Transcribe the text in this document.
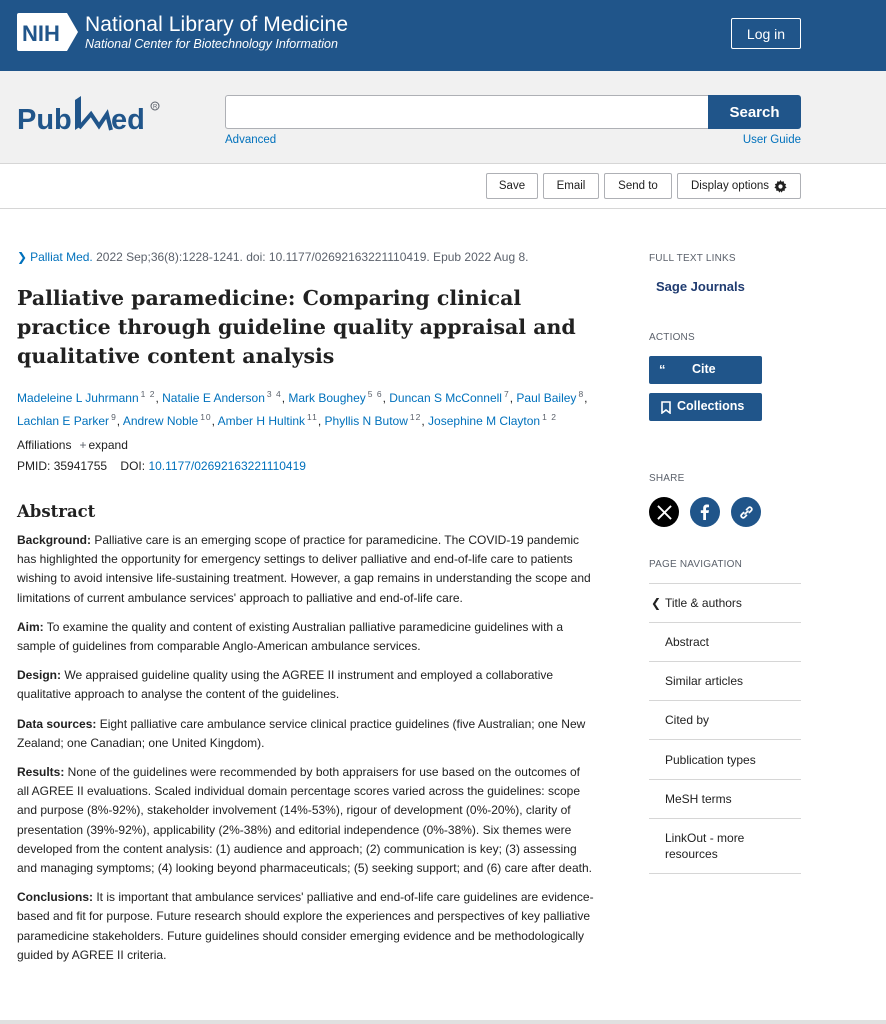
NIH National Library of Medicine
National Center for Biotechnology Information
Log in
Pub ed R	Search
Advanced	User Guide
Save	Email	Send to	Display options
❯ Palliat Med. 2022 Sep;36(8):1228-1241. doi: 10.1177/02692163221110419. Epub 2022 Aug 8.
Palliative paramedicine: Comparing clinical practice through guideline quality appraisal and qualitative content analysis
Madeleine L Juhrmann $^{1 2}$, Natalie E Anderson $^{3 4}$, Mark Boughey $^{5 6}$, Duncan S McConnell $^7$, Paul Bailey $^8$, Lachlan E Parker $^9$, Andrew Noble $^{10}$, Amber H Hultink $^{11}$, Phyllis N Butow $^{12}$, Josephine M Clayton $^{1 2}$
Affiliations + expand
PMID: 35941755 DOI: 10.1177/02692163221110419
Abstract

Background: Palliative care is an emerging scope of practice for paramedicine. The COVID-19 pandemic has highlighted the opportunity for emergency settings to deliver palliative and end-of-life care to patients wishing to avoid intensive life-sustaining treatment. However, a gap remains in understanding the scope and limitations of current ambulance services' approach to palliative and end-of-life care.

Aim: To examine the quality and content of existing Australian palliative paramedicine guidelines with a sample of guidelines from comparable Anglo-American ambulance services.

Design: We appraised guideline quality using the AGREE II instrument and employed a collaborative qualitative approach to analyse the content of the guidelines.

Data sources: Eight palliative care ambulance service clinical practice guidelines (five Australian; one New Zealand; one Canadian; one United Kingdom).

Results: None of the guidelines were recommended by both appraisers for use based on the outcomes of all AGREE II evaluations. Scaled individual domain percentage scores varied across the guidelines: scope and purpose (8%-92%), stakeholder involvement (14%-53%), rigour of development (0%-20%), clarity of presentation (39%-92%), applicability (2%-38%) and editorial independence (0%-38%). Six themes were developed from the content analysis: (1) audience and approach; (2) communication is key; (3) assessing and managing symptoms; (4) looking beyond pharmaceuticals; (5) seeking support; and (6) care after death.

Conclusions: It is important that ambulance services' palliative and end-of-life care guidelines are evidence-based and fit for purpose. Future research should explore the experiences and perspectives of key palliative paramedicine stakeholders. Future guidelines should consider emerging evidence and be methodologically guided by AGREE II criteria.

FULL TEXT LINKS
Sage Journals
ACTIONS
“ Cite
Collections
SHARE
PAGE NAVIGATION
❮ Title & authors
Abstract
Similar articles
Cited by
Publication types
MeSH terms
LinkOut - more resources
